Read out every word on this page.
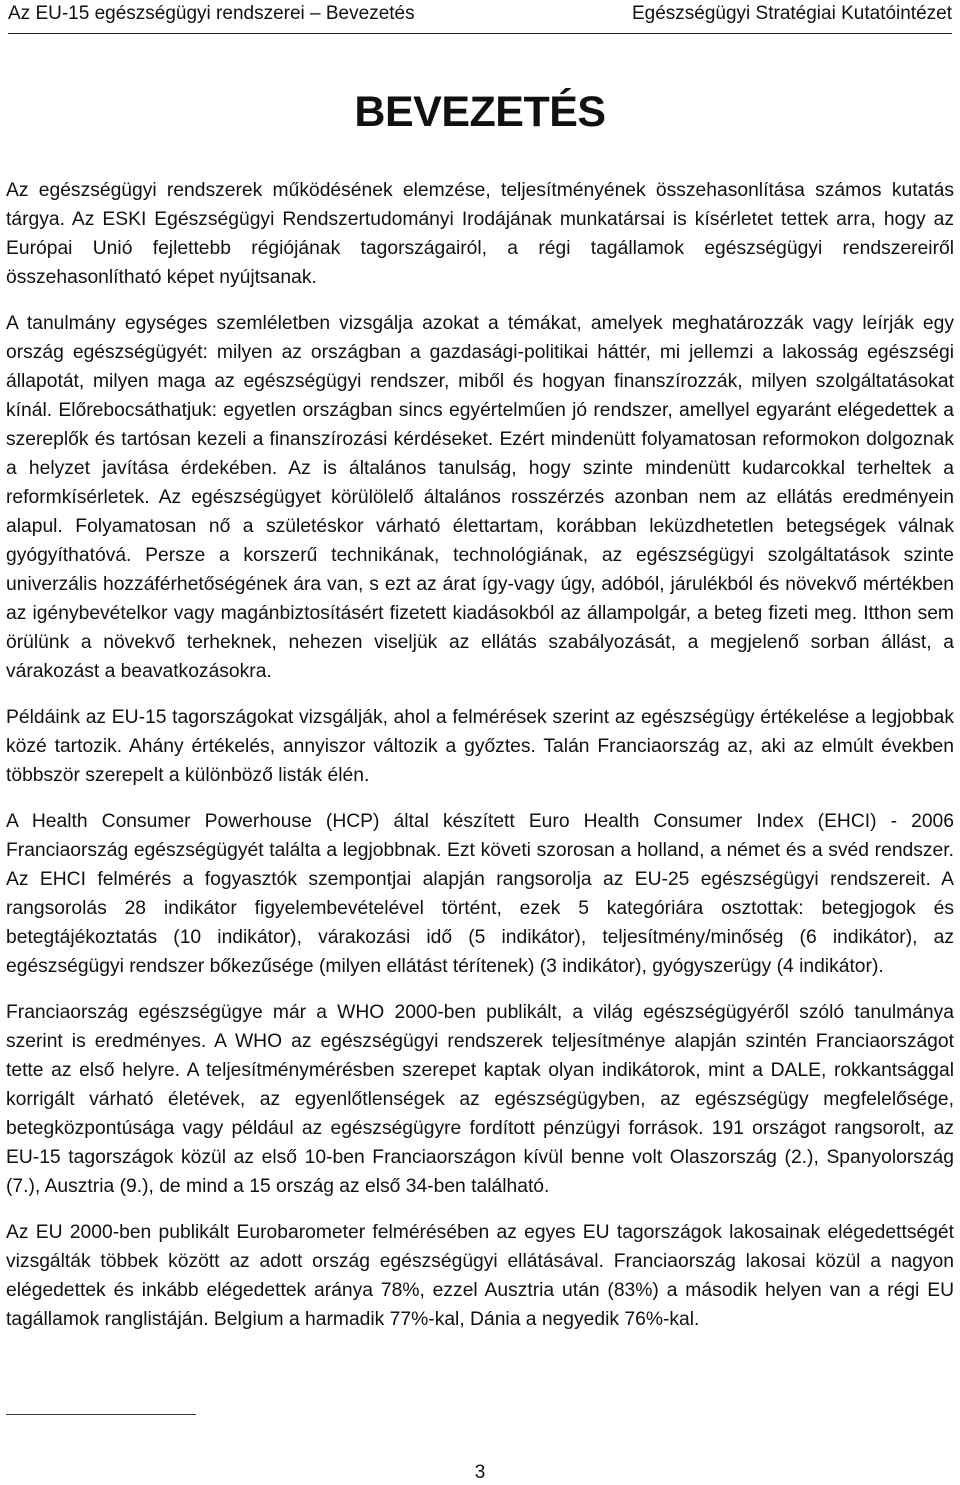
Az EU-15 egészségügyi rendszerei – Bevezetés	Egészségügyi Stratégiai Kutatóintézet
BEVEZETÉS

Az egészségügyi rendszerek működésének elemzése, teljesítményének összehasonlítása számos kutatás tárgya. Az ESKI Egészségügyi Rendszertudományi Irodájának munkatársai is kísérletet tettek arra, hogy az Európai Unió fejlettebb régiójának tagországairól, a régi tagállamok egészségügyi rendszereiről összehasonlítható képet nyújtsanak.

A tanulmány egységes szemléletben vizsgálja azokat a témákat, amelyek meghatározzák vagy leírják egy ország egészségügyét: milyen az országban a gazdasági-politikai háttér, mi jellemzi a lakosság egészségi állapotát, milyen maga az egészségügyi rendszer, miből és hogyan finanszírozzák, milyen szolgáltatásokat kínál. Előrebocsáthatjuk: egyetlen országban sincs egyértelműen jó rendszer, amellyel egyaránt elégedettek a szereplők és tartósan kezeli a finanszírozási kérdéseket. Ezért mindenütt folyamatosan reformokon dolgoznak a helyzet javítása érdekében. Az is általános tanulság, hogy szinte mindenütt kudarcokkal terheltek a reformkísérletek. Az egészségügyet körülölelő általános rosszérzés azonban nem az ellátás eredményein alapul. Folyamatosan nő a születéskor várható élettartam, korábban leküzdhetetlen betegségek válnak gyógyíthatóvá. Persze a korszerű technikának, technológiának, az egészségügyi szolgáltatások szinte univerzális hozzáférhetőségének ára van, s ezt az árat így-vagy úgy, adóból, járulékból és növekvő mértékben az igénybevételkor vagy magánbiztosításért fizetett kiadásokból az állampolgár, a beteg fizeti meg. Itthon sem örülünk a növekvő terheknek, nehezen viseljük az ellátás szabályozását, a megjelenő sorban állást, a várakozást a beavatkozásokra.

Példáink az EU-15 tagországokat vizsgálják, ahol a felmérések szerint az egészségügy értékelése a legjobbak közé tartozik. Ahány értékelés, annyiszor változik a győztes. Talán Franciaország az, aki az elmúlt években többször szerepelt a különböző listák élén.

A Health Consumer Powerhouse (HCP) által készített Euro Health Consumer Index (EHCI) - 2006 Franciaország egészségügyét találta a legjobbnak. Ezt követi szorosan a holland, a német és a svéd rendszer. Az EHCI felmérés a fogyasztók szempontjai alapján rangsorolja az EU-25 egészségügyi rendszereit. A rangsorolás 28 indikátor figyelembevételével történt, ezek 5 kategóriára osztottak: betegjogok és betegtájékoztatás (10 indikátor), várakozási idő (5 indikátor), teljesítmény/minőség (6 indikátor), az egészségügyi rendszer bőkezűsége (milyen ellátást térítenek) (3 indikátor), gyógyszerügy (4 indikátor).

Franciaország egészségügye már a WHO 2000-ben publikált, a világ egészségügyéről szóló tanulmánya szerint is eredményes. A WHO az egészségügyi rendszerek teljesítménye alapján szintén Franciaországot tette az első helyre. A teljesítménymérésben szerepet kaptak olyan indikátorok, mint a DALE, rokkantsággal korrigált várható életévek, az egyenlőtlenségek az egészségügyben, az egészségügy megfelelősége, betegközpontúsága vagy például az egészségügyre fordított pénzügyi források. 191 országot rangsorolt, az EU-15 tagországok közül az első 10-ben Franciaországon kívül benne volt Olaszország (2.), Spanyolország (7.), Ausztria (9.), de mind a 15 ország az első 34-ben található.

Az EU 2000-ben publikált Eurobarometer felmérésében az egyes EU tagországok lakosainak elégedettségét vizsgálták többek között az adott ország egészségügyi ellátásával. Franciaország lakosai közül a nagyon elégedettek és inkább elégedettek aránya 78%, ezzel Ausztria után (83%) a második helyen van a régi EU tagállamok ranglistáján. Belgium a harmadik 77%-kal, Dánia a negyedik 76%-kal.

3
